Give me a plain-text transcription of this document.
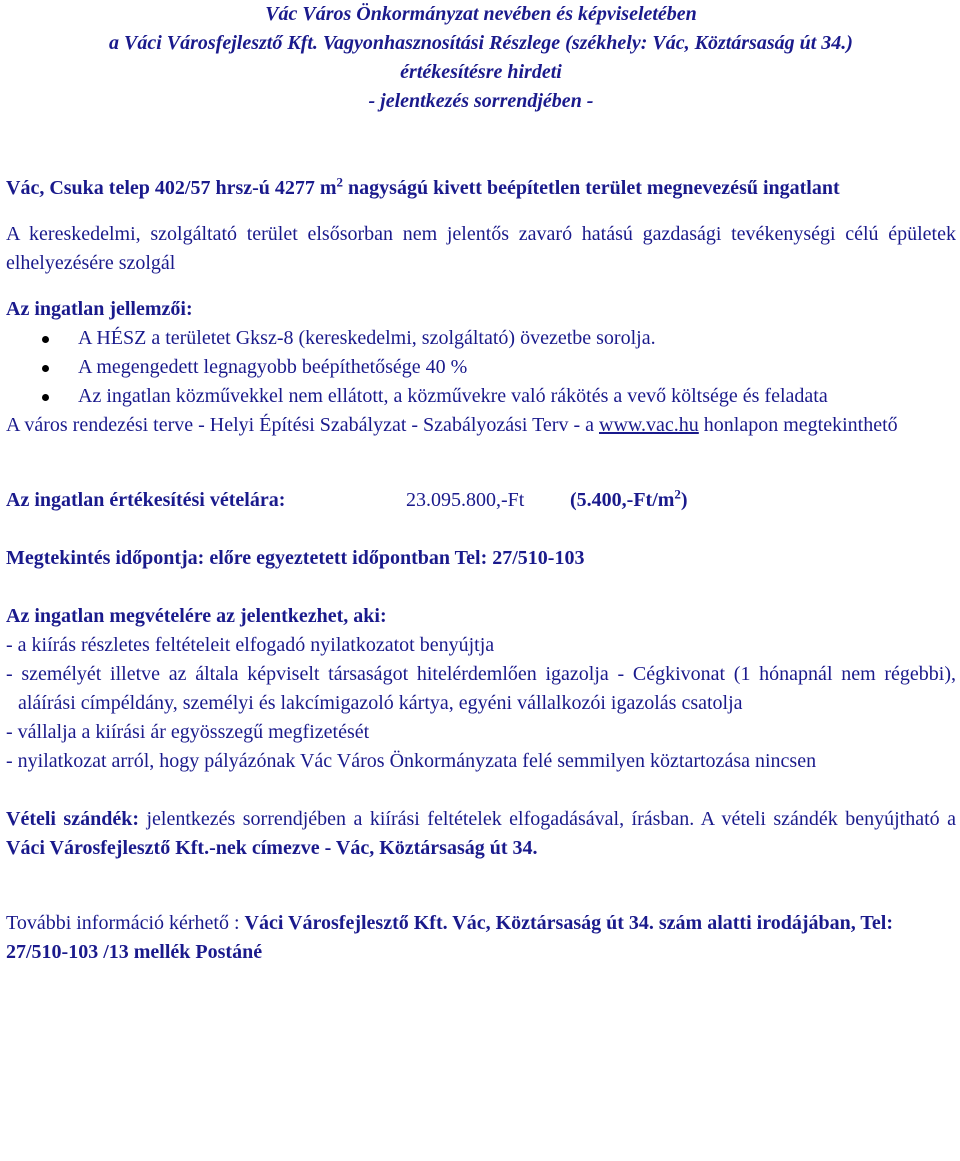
Vác Város Önkormányzat nevében és képviseletében
a Váci Városfejlesztő Kft. Vagyonhasznosítási Részlege (székhely: Vác, Köztársaság út 34.)
értékesítésre hirdeti
- jelentkezés sorrendjében -
Vác, Csuka telep 402/57 hrsz-ú 4277 $m^2$ nagyságú kivett beépítetlen terület megnevezésű ingatlant

A kereskedelmi, szolgáltató terület elsősorban nem jelentős zavaró hatású gazdasági tevékenységi célú épületek elhelyezésére szolgál

Az ingatlan jellemzői:
A HÉSZ a területet Gksz-8 (kereskedelmi, szolgáltató) övezetbe sorolja.
A megengedett legnagyobb beépíthetősége 40 %
Az ingatlan közművekkel nem ellátott, a közművekre való rákötés a vevő költsége és feladata

A város rendezési terve - Helyi Építési Szabályzat - Szabályozási Terv - a www.vac.hu honlapon megtekinthető

Az ingatlan értékesítési vételára:	23.095.800,-Ft	$(5.400,-Ft/m^2)$
Megtekintés időpontja: előre egyeztetett időpontban Tel: 27/510-103
Az ingatlan megvételére az jelentkezhet, aki:
- a kiírás részletes feltételeit elfogadó nyilatkozatot benyújtja
- személyét illetve az általa képviselt társaságot hitelérdemlően igazolja - Cégkivonat (1 hónapnál nem régebbi), aláírási címpéldány, személyi és lakcímigazoló kártya, egyéni vállalkozói igazolás csatolja
- vállalja a kiírási ár egyösszegű megfizetését
- nyilatkozat arról, hogy pályázónak Vác Város Önkormányzata felé semmilyen köztartozása nincsen

Vételi szándék: jelentkezés sorrendjében a kiírási feltételek elfogadásával, írásban. A vételi szándék benyújtható a Váci Városfejlesztő Kft.-nek címezve - Vác, Köztársaság út 34.

További információ kérhető : Váci Városfejlesztő Kft. Vác, Köztársaság út 34. szám alatti irodájában, Tel: 27/510-103 /13 mellék Postáné
